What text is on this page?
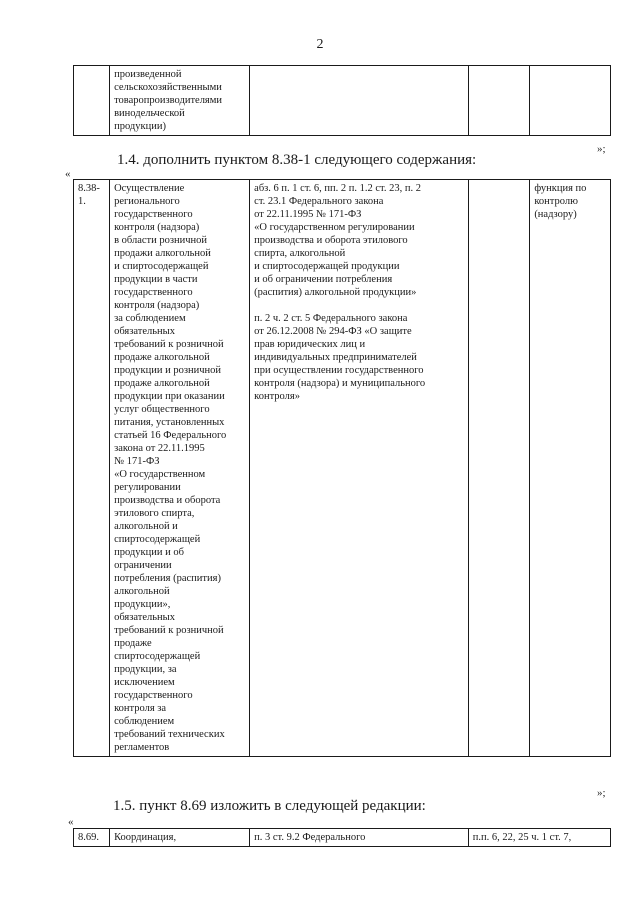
2
	произведенной
сельскохозяйственными
товаропроизводителями
винодельческой
продукции)			
»;
1.4. дополнить пунктом 8.38-1 следующего содержания:
«
8.38-1.	Осуществление
регионального
государственного
контроля (надзора)
в области розничной
продажи алкогольной
и спиртосодержащей
продукции в части
государственного
контроля (надзора)
за соблюдением
обязательных
требований к розничной
продаже алкогольной
продукции и розничной
продаже алкогольной
продукции при оказании
услуг общественного
питания, установленных
статьей 16 Федерального
закона от 22.11.1995
№ 171-ФЗ
«О государственном
регулировании
производства и оборота
этилового спирта,
алкогольной и
спиртосодержащей
продукции и об
ограничении
потребления (распития)
алкогольной
продукции»,
обязательных
требований к розничной
продаже
спиртосодержащей
продукции, за
исключением
государственного
контроля за
соблюдением
требований технических
регламентов	абз. 6 п. 1 ст. 6, пп. 2 п. 1.2 ст. 23, п. 2
ст. 23.1 Федерального закона
от 22.11.1995 № 171-ФЗ
«О государственном регулировании
производства и оборота этилового
спирта, алкогольной
и спиртосодержащей продукции
и об ограничении потребления
(распития) алкогольной продукции»

п. 2 ч. 2 ст. 5 Федерального закона
от 26.12.2008 № 294-ФЗ «О защите
прав юридических лиц и
индивидуальных предпринимателей
при осуществлении государственного
контроля (надзора) и муниципального
контроля»		функция по
контролю
(надзору)
»;
1.5. пункт 8.69 изложить в следующей редакции:
«
8.69.	Координация,	п. 3 ст. 9.2 Федерального	п.п. 6, 22, 25 ч. 1 ст. 7,
